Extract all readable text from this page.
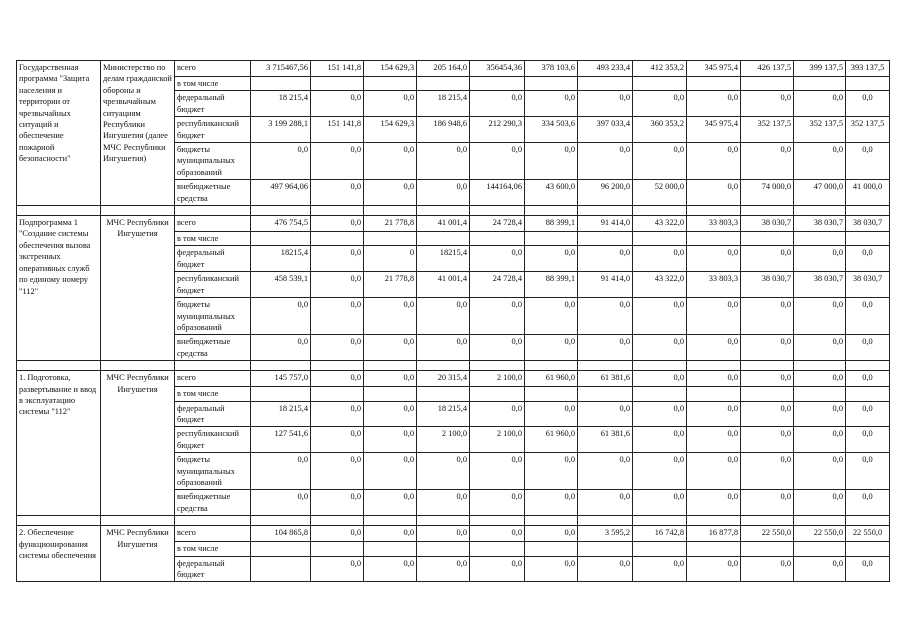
Государственная программа "Защита населения и территории от чрезвычайных ситуаций и обеспечение пожарной безопасности"	Министерство по делам гражданской обороны и чрезвычайным ситуациям Республики Ингушетия (далее МЧС Республики Ингушетия)	всего	3 715467,56	151 141,8	154 629,3	205 164,0	356454,36	378 103,6	493 233,4	412 353,2	345 975,4	426 137,5	399 137,5	393 137,5
		в том числе												
		федеральный бюджет	18 215,4	0,0	0,0	18 215,4	0,0	0,0	0,0	0,0	0,0	0,0	0,0	0,0
		республиканский бюджет	3 199 288,1	151 141,8	154 629,3	186 948,6	212 290,3	334 503,6	397 033,4	360 353,2	345 975,4	352 137,5	352 137,5	352 137,5
		бюджеты муниципальных образований	0,0	0,0	0,0	0,0	0,0	0,0	0,0	0,0	0,0	0,0	0,0	0,0
		внебюджетные средства	497 964,06	0,0	0,0	0,0	144164,06	43 600,0	96 200,0	52 000,0	0,0	74 000,0	47 000,0	41 000,0

Подпрограмма 1 "Создание системы обеспечения вызова экстренных оперативных служб по единому номеру "112"	МЧС Республики Ингушетия	всего	476 754,5	0,0	21 778,8	41 001,4	24 728,4	88 399,1	91 414,0	43 322,0	33 803,3	38 030,7	38 030,7	38 030,7
		в том числе												
		федеральный бюджет	18215,4	0,0	0	18215,4	0,0	0,0	0,0	0,0	0,0	0,0	0,0	0,0
		республиканский бюджет	458 539,1	0,0	21 778,8	41 001,4	24 728,4	88 399,1	91 414,0	43 322,0	33 803,3	38 030,7	38 030,7	38 030,7
		бюджеты муниципальных образований	0,0	0,0	0,0	0,0	0,0	0,0	0,0	0,0	0,0	0,0	0,0	0,0
		внебюджетные средства	0,0	0,0	0,0	0,0	0,0	0,0	0,0	0,0	0,0	0,0	0,0	0,0

1. Подготовка, развертывание и ввод в эксплуатацию системы "112"	МЧС Республики Ингушетия	всего	145 757,0	0,0	0,0	20 315,4	2 100,0	61 960,0	61 381,6	0,0	0,0	0,0	0,0	0,0
		в том числе												
		федеральный бюджет	18 215,4	0,0	0,0	18 215,4	0,0	0,0	0,0	0,0	0,0	0,0	0,0	0,0
		республиканский бюджет	127 541,6	0,0	0,0	2 100,0	2 100,0	61 960,0	61 381,6	0,0	0,0	0,0	0,0	0,0
		бюджеты муниципальных образований	0,0	0,0	0,0	0,0	0,0	0,0	0,0	0,0	0,0	0,0	0,0	0,0
		внебюджетные средства	0,0	0,0	0,0	0,0	0,0	0,0	0,0	0,0	0,0	0,0	0,0	0,0

2. Обеспечение функционирования системы обеспечения	МЧС Республики Ингушетия	всего	104 865,8	0,0	0,0	0,0	0,0	0,0	3 595,2	16 742,8	16 877,8	22 550,0	22 550,0	22 550,0
		в том числе												
		федеральный бюджет		0,0	0,0	0,0	0,0	0,0	0,0	0,0	0,0	0,0	0,0	0,0
